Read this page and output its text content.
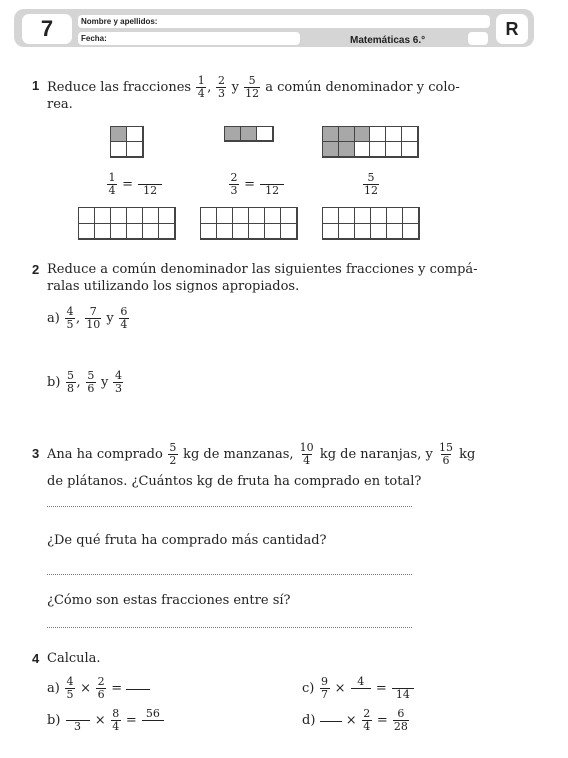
7	Nombre y apellidos:
Fecha:	Matemáticas 6.°
R
1 Reduce las fracciones $\frac{1}{4}$ , $\frac{2}{3}$ y $\frac{5}{12}$ a común denominador y colo-
rea.
$\frac{1}{4} = 12$	$\frac{2}{3} = 12$	$\frac{5}{12}$
2 Reduce a común denominador las siguientes fracciones y compá-
ralas utilizando los signos apropiados.
$a) \frac{4}{5}$ , $\frac{7}{10}$ y $\frac{6}{4}$
$b) \frac{5}{8}$ , $\frac{5}{6}$ y $\frac{4}{3}$
3 Ana ha comprado $\frac{5}{2}$ kg de manzanas, $\frac{10}{4}$ kg de naranjas, y $\frac{15}{6}$ kg
de plátanos. ¿Cuántos kg de fruta ha comprado en total?
¿De qué fruta ha comprado más cantidad?
¿Cómo son estas fracciones entre sí?
4 Calcula.
$a) \frac{4}{5} \times \frac{2}{6}$ =
b)	3	× $\frac{8}{4} = 56$
$c) \frac{9}{7} \times 4 = 14$
$d) \times \frac{2}{4} = \frac{6}{28}$
